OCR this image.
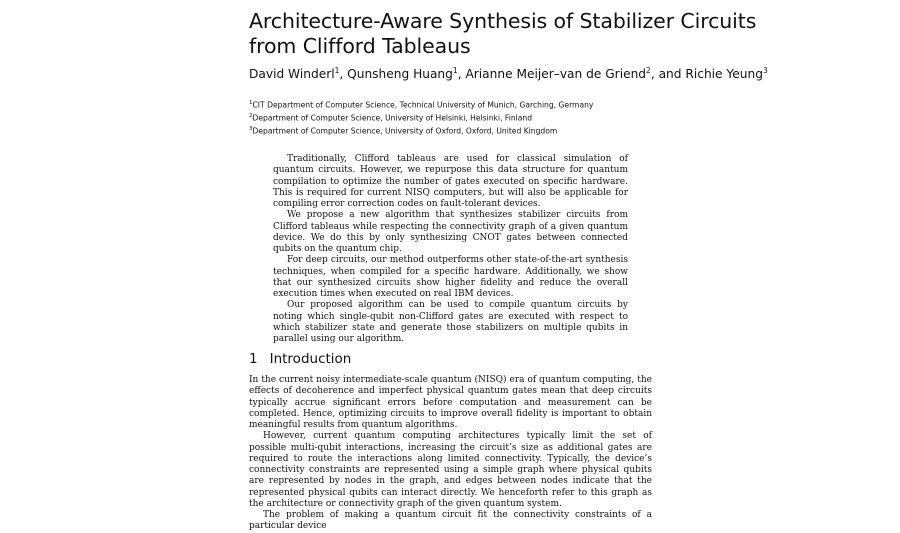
Architecture-Aware Synthesis of Stabilizer Circuits
from Clifford Tableaus
David Winderl$^1$, Qunsheng Huang$^1$, Arianne Meijer–van de Griend$^2$, and Richie Yeung$^3$
$^1$CIT Department of Computer Science, Technical University of Munich, Garching, Germany
$^2$Department of Computer Science, University of Helsinki, Helsinki, Finland
$^3$Department of Computer Science, University of Oxford, Oxford, United Kingdom

Traditionally, Clifford tableaus are used for classical simulation of quantum circuits. However, we repurpose this data structure for quantum compilation to optimize the number of gates executed on specific hardware. This is required for current NISQ computers, but will also be applicable for compiling error correction codes on fault-tolerant devices.

We propose a new algorithm that synthesizes stabilizer circuits from Clifford tableaus while respecting the connectivity graph of a given quantum device. We do this by only synthesizing CNOT gates between connected qubits on the quantum chip.

For deep circuits, our method outperforms other state-of-the-art synthesis techniques, when compiled for a specific hardware. Additionally, we show that our synthesized circuits show higher fidelity and reduce the overall execution times when executed on real IBM devices.

Our proposed algorithm can be used to compile quantum circuits by noting which single-qubit non-Clifford gates are executed with respect to which stabilizer state and generate those stabilizers on multiple qubits in parallel using our algorithm.

1 Introduction

In the current noisy intermediate-scale quantum (NISQ) era of quantum computing, the effects of decoherence and imperfect physical quantum gates mean that deep circuits typically accrue significant errors before computation and measurement can be completed. Hence, optimizing circuits to improve overall fidelity is important to obtain meaningful results from quantum algorithms.

However, current quantum computing architectures typically limit the set of possible multi-qubit interactions, increasing the circuit’s size as additional gates are required to route the interactions along limited connectivity. Typically, the device’s connectivity constraints are represented using a simple graph where physical qubits are represented by nodes in the graph, and edges between nodes indicate that the represented physical qubits can interact directly. We henceforth refer to this graph as the architecture or connectivity graph of the given quantum system.

The problem of making a quantum circuit fit the connectivity constraints of a particular device
